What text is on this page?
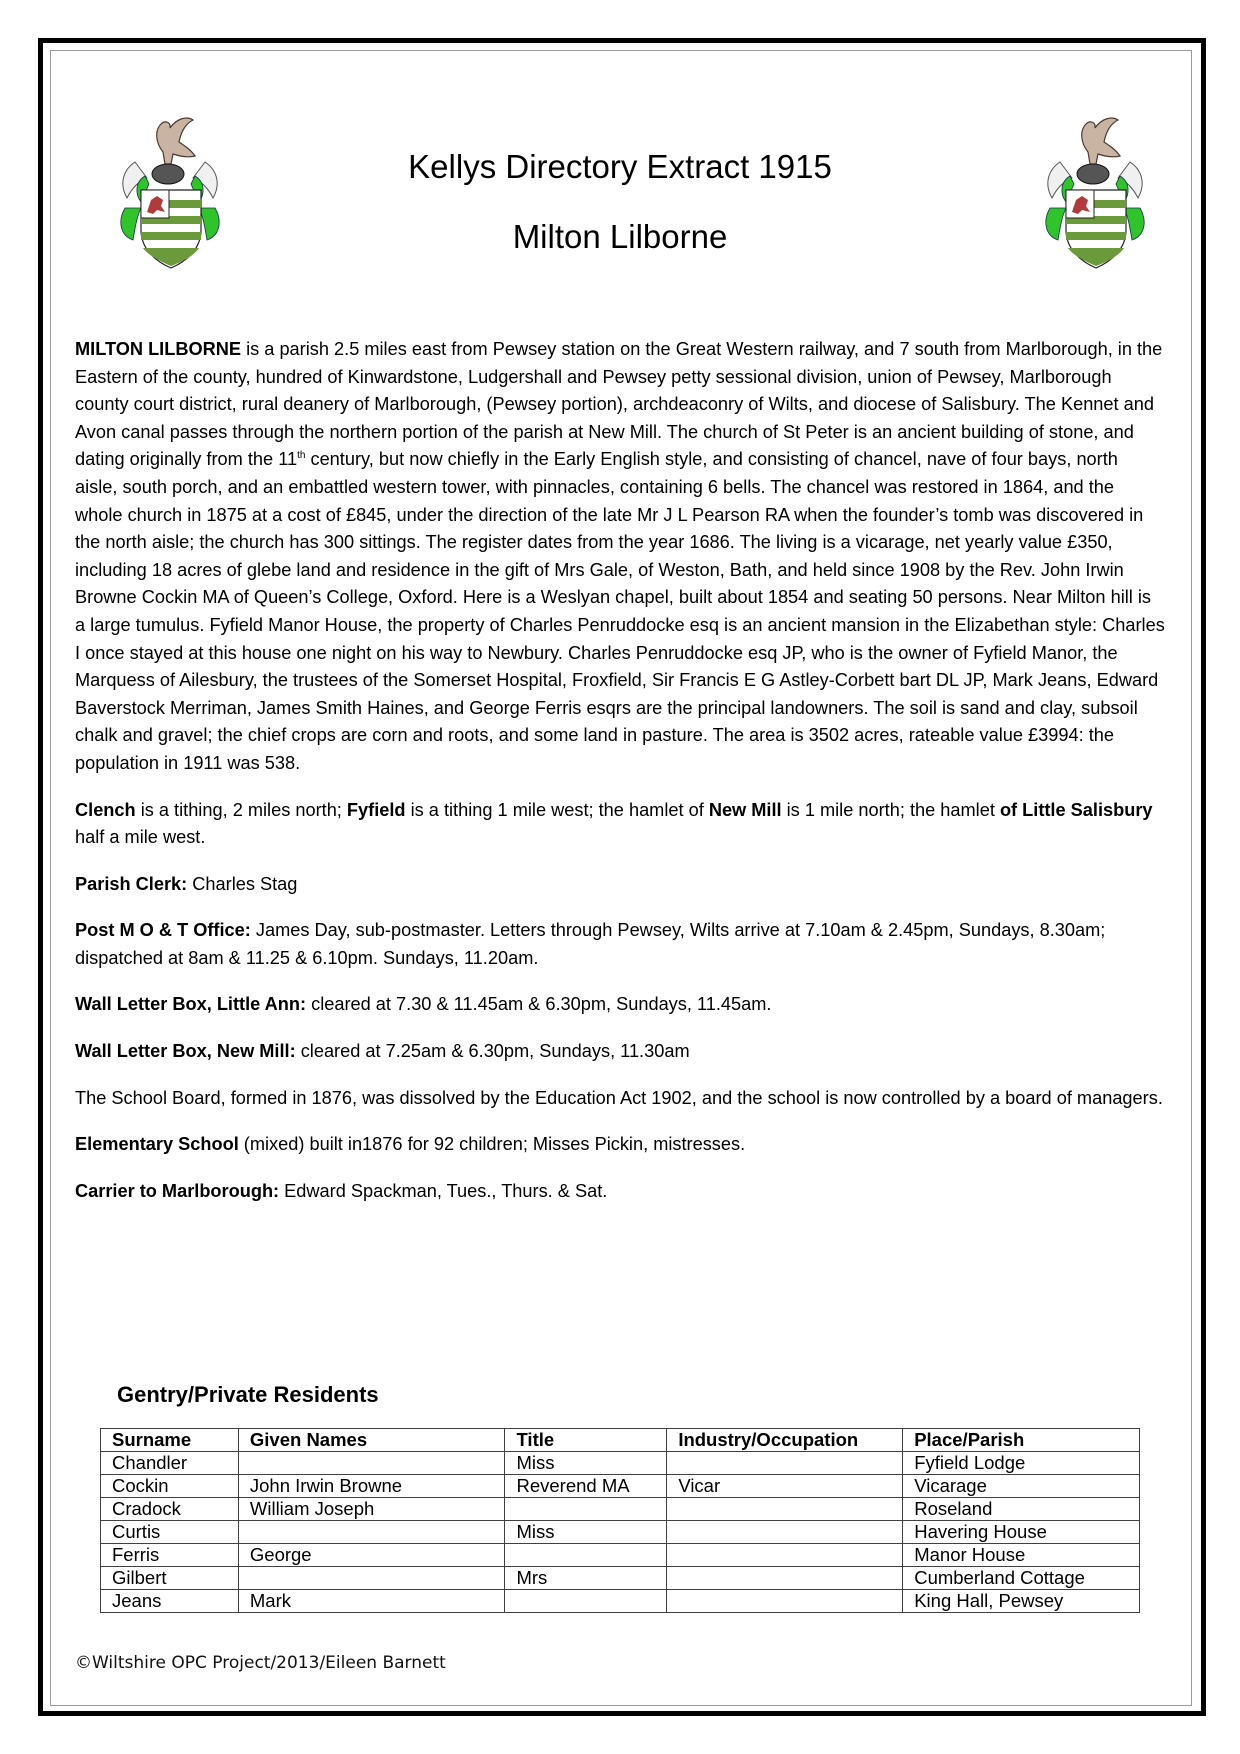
Kellys Directory Extract 1915
Milton Lilborne

MILTON LILBORNE is a parish 2.5 miles east from Pewsey station on the Great Western railway, and 7 south from Marlborough, in the Eastern of the county, hundred of Kinwardstone, Ludgershall and Pewsey petty sessional division, union of Pewsey, Marlborough county court district, rural deanery of Marlborough, (Pewsey portion), archdeaconry of Wilts, and diocese of Salisbury. The Kennet and Avon canal passes through the northern portion of the parish at New Mill. The church of St Peter is an ancient building of stone, and dating originally from the 11th century, but now chiefly in the Early English style, and consisting of chancel, nave of four bays, north aisle, south porch, and an embattled western tower, with pinnacles, containing 6 bells. The chancel was restored in 1864, and the whole church in 1875 at a cost of £845, under the direction of the late Mr J L Pearson RA when the founder’s tomb was discovered in the north aisle; the church has 300 sittings. The register dates from the year 1686. The living is a vicarage, net yearly value £350, including 18 acres of glebe land and residence in the gift of Mrs Gale, of Weston, Bath, and held since 1908 by the Rev. John Irwin Browne Cockin MA of Queen’s College, Oxford. Here is a Weslyan chapel, built about 1854 and seating 50 persons. Near Milton hill is a large tumulus. Fyfield Manor House, the property of Charles Penruddocke esq is an ancient mansion in the Elizabethan style: Charles I once stayed at this house one night on his way to Newbury. Charles Penruddocke esq JP, who is the owner of Fyfield Manor, the Marquess of Ailesbury, the trustees of the Somerset Hospital, Froxfield, Sir Francis E G Astley-Corbett bart DL JP, Mark Jeans, Edward Baverstock Merriman, James Smith Haines, and George Ferris esqrs are the principal landowners. The soil is sand and clay, subsoil chalk and gravel; the chief crops are corn and roots, and some land in pasture. The area is 3502 acres, rateable value £3994: the population in 1911 was 538.

Clench is a tithing, 2 miles north; Fyfield is a tithing 1 mile west; the hamlet of New Mill is 1 mile north; the hamlet of Little Salisbury half a mile west.

Parish Clerk: Charles Stag

Post M O & T Office: James Day, sub-postmaster. Letters through Pewsey, Wilts arrive at 7.10am & 2.45pm, Sundays, 8.30am; dispatched at 8am & 11.25 & 6.10pm. Sundays, 11.20am.

Wall Letter Box, Little Ann: cleared at 7.30 & 11.45am & 6.30pm, Sundays, 11.45am.

Wall Letter Box, New Mill: cleared at 7.25am & 6.30pm, Sundays, 11.30am

The School Board, formed in 1876, was dissolved by the Education Act 1902, and the school is now controlled by a board of managers.

Elementary School (mixed) built in1876 for 92 children; Misses Pickin, mistresses.

Carrier to Marlborough: Edward Spackman, Tues., Thurs. & Sat.

Gentry/Private Residents
Surname	Given Names	Title	Industry/Occupation	Place/Parish
Chandler		Miss		Fyfield Lodge
Cockin	John Irwin Browne	Reverend MA	Vicar	Vicarage
Cradock	William Joseph			Roseland
Curtis		Miss		Havering House
Ferris	George			Manor House
Gilbert		Mrs		Cumberland Cottage
Jeans	Mark			King Hall, Pewsey
©Wiltshire OPC Project/2013/Eileen Barnett
